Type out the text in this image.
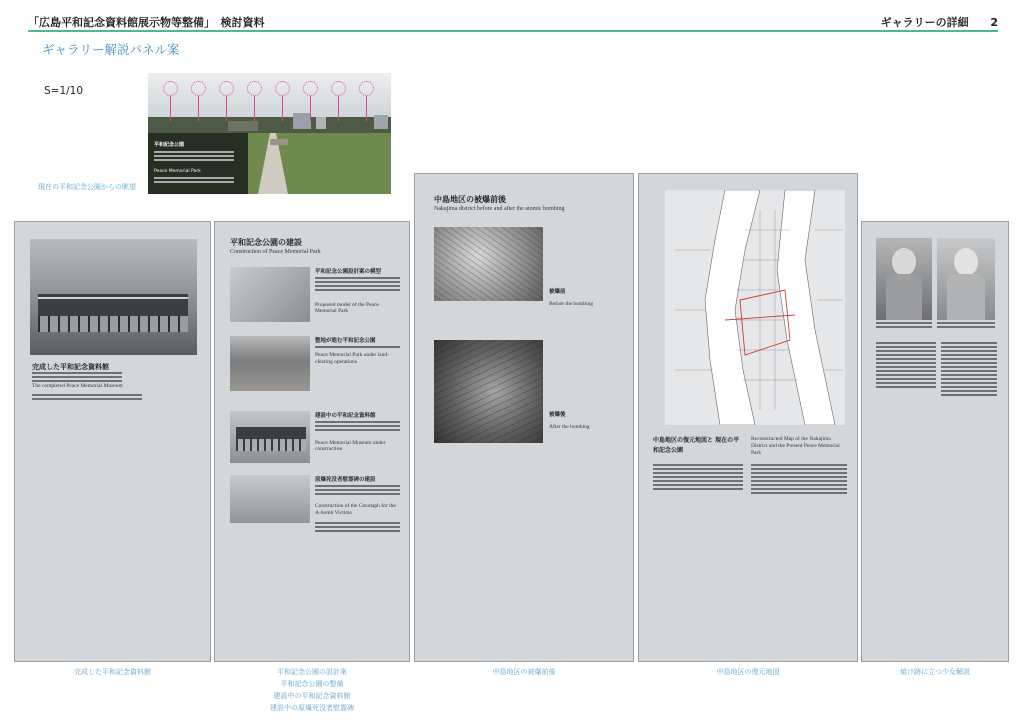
「広島平和記念資料館展示物等整備」　検討資料	ギャラリーの詳細 2
ギャラリー解説パネル案
S=1/10
平和記念公園
Peace Memorial Park
現在の平和記念公園からの眺望
完成した平和記念資料館
The completed Peace Memorial Museum
完成した平和記念資料館
平和記念公園の建設
Construction of Peace Memorial Park
平和記念公園設計案の模型
Proposed model of the Peace Memorial Park
整地が進む平和記念公園
Peace Memorial Park under land-clearing operations
建設中の平和記念資料館
Peace Memorial Museum under construction
原爆死没者慰霊碑の建設
Construction of the Cenotaph for the A-bomb Victims
平和記念公園の設計案
平和記念公園の整備
建設中の平和記念資料館
建設中の原爆死没者慰霊碑
中島地区の被爆前後
Nakajima district before and after the atomic bombing
被爆前
Before the bombing
被爆後
After the bombing
中島地区の被爆前後
中島地区の復元地図と 現在の平和記念公園
Reconstructed Map of the Nakajima District and the Present Peace Memorial Park
中島地区の復元地図	焼け跡に立つ少女解説
